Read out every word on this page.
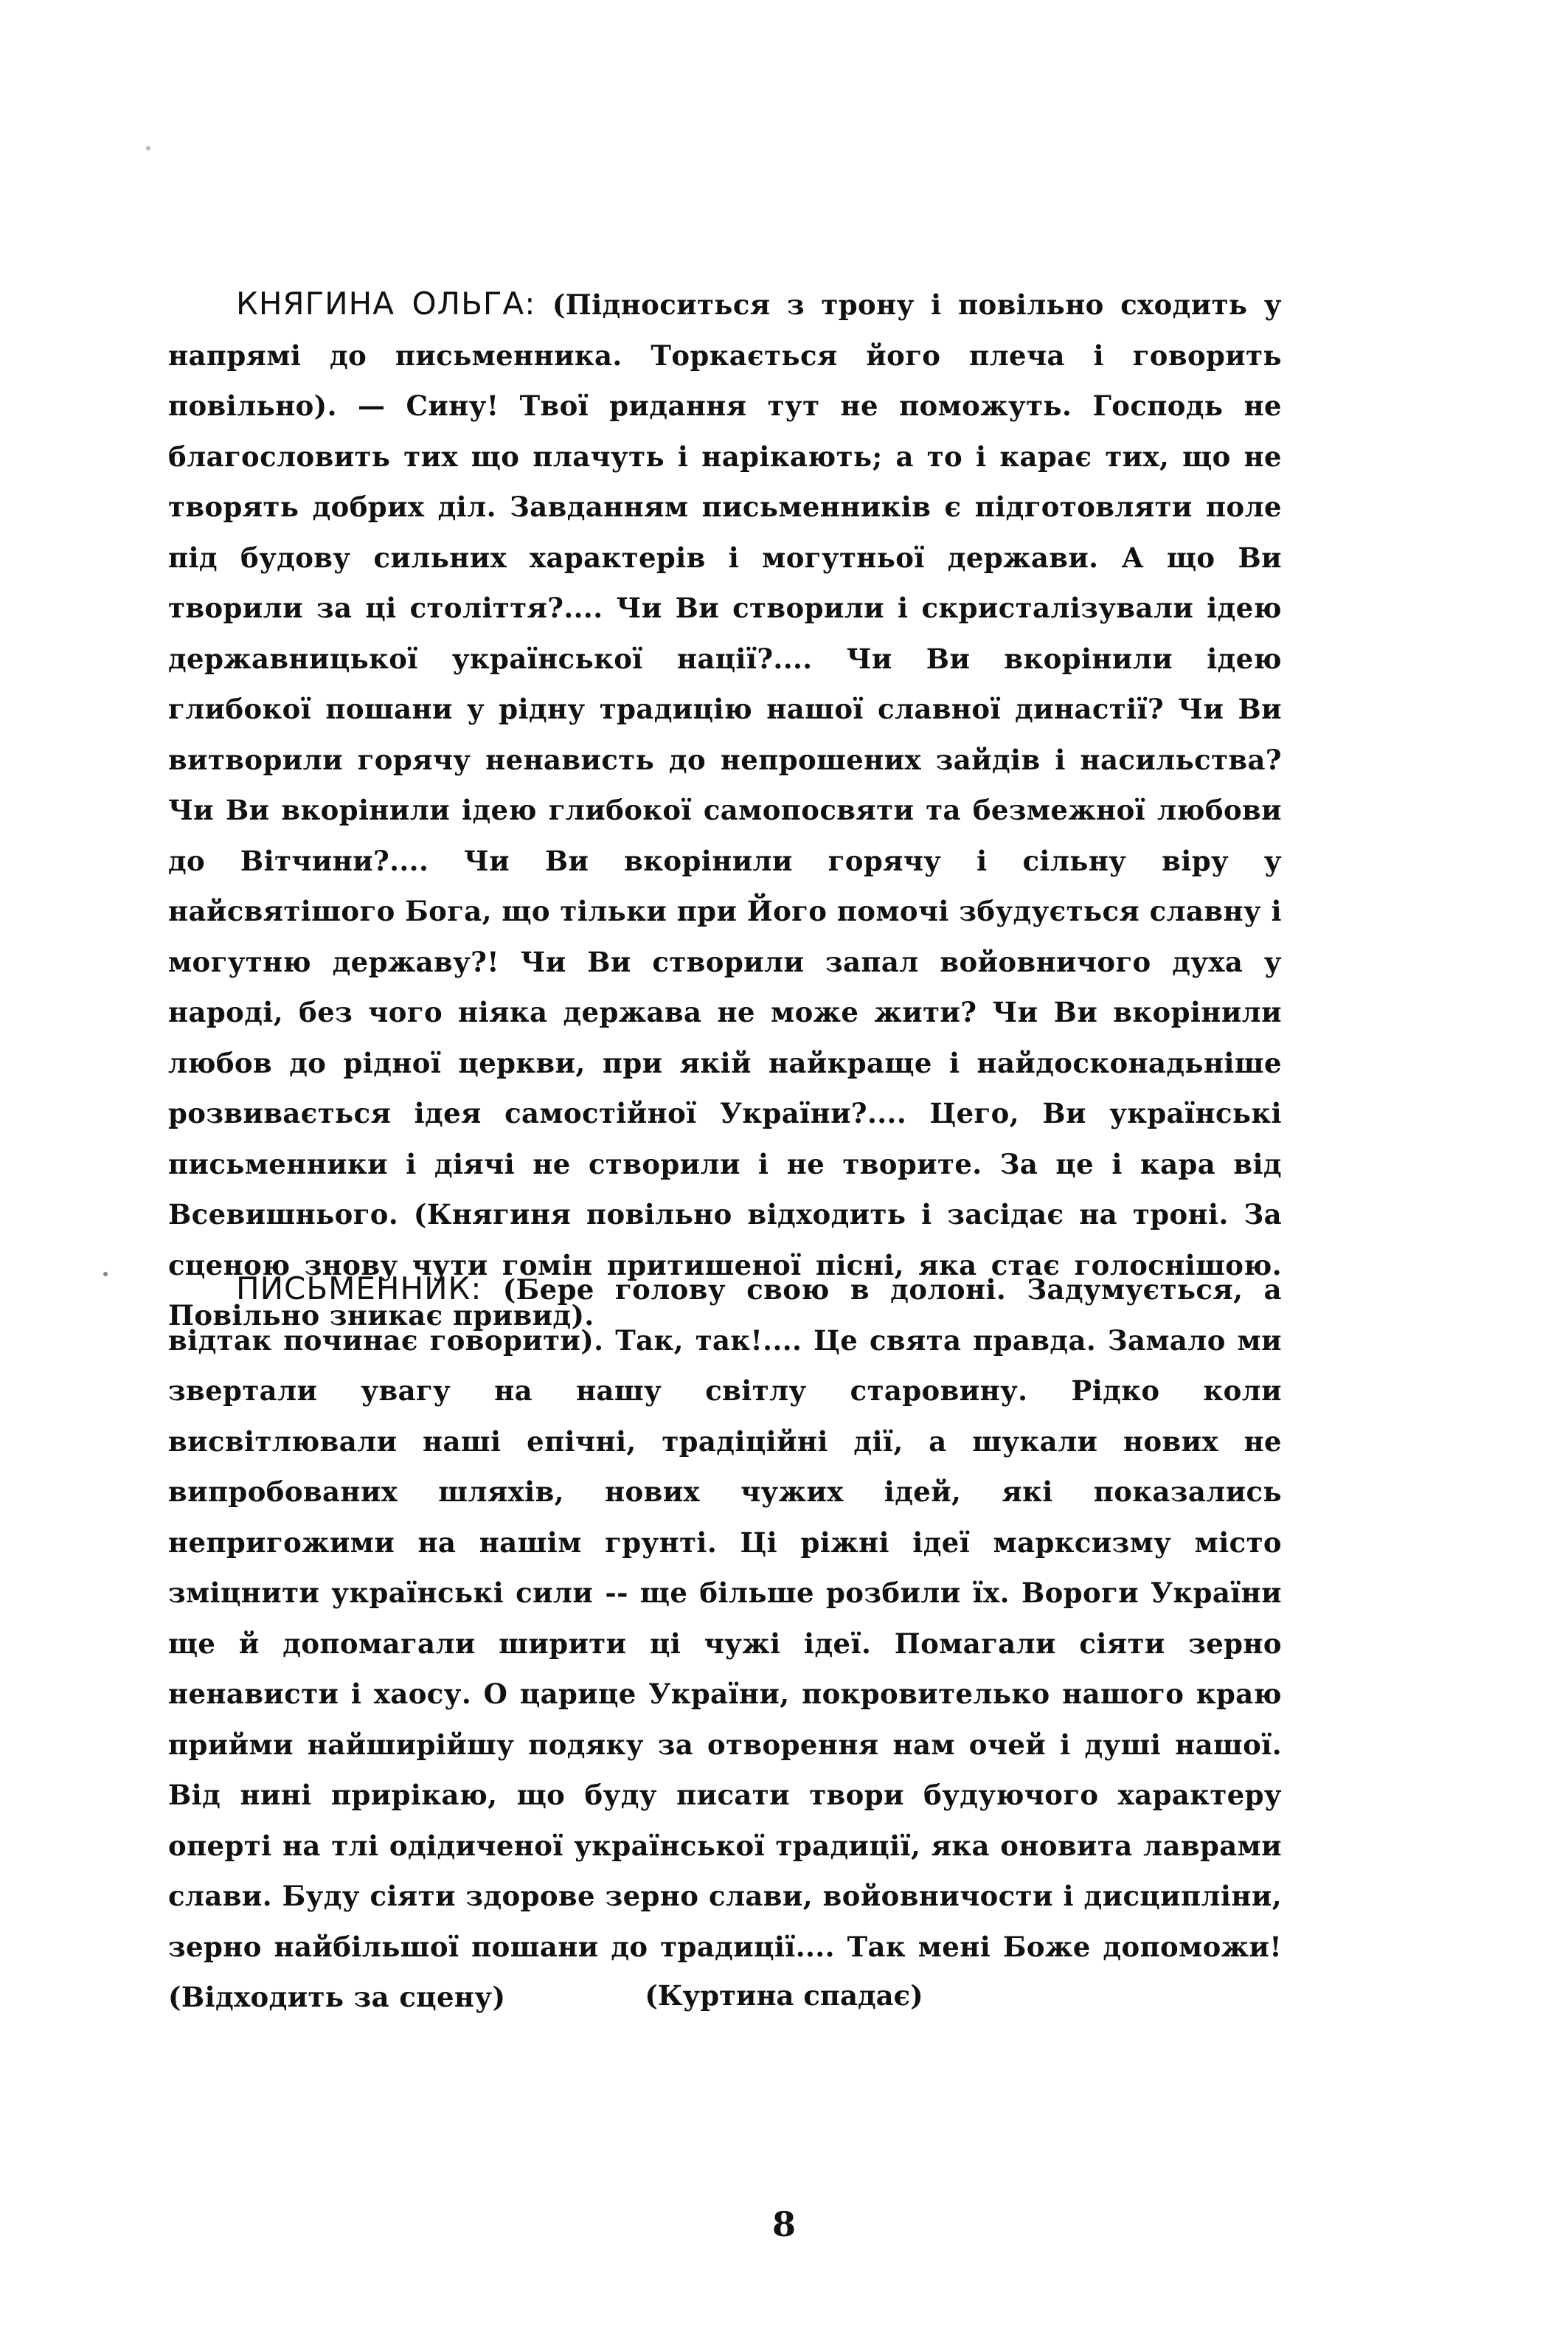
КНЯГИНА ОЛЬГА: (Підноситься з трону і повільно сходить у напрямі до письменника. Торкається його плеча і говорить повільно). — Сину! Твої ридання тут не поможуть. Господь не благословить тих що плачуть і нарікають; а то і карає тих, що не творять добрих діл. Завданням письменників є підготовляти поле під будову сильних характерів і могутньої держави. А що Ви творили за ці століття?.... Чи Ви створили і скристалізували ідею державницької української нації?.... Чи Ви вкорінили ідею глибокої пошани у рідну традицію нашої славної династії? Чи Ви витворили горячу ненависть до непрошених зайдів і насильства? Чи Ви вкорінили ідею глибокої самопосвяти та безмежної любови до Вітчини?.... Чи Ви вкорінили горячу і сільну віру у найсвятішого Бога, що тільки при Його помочі збудується славну і могутню державу?! Чи Ви створили запал войовничого духа у народі, без чого ніяка держава не може жити? Чи Ви вкорінили любов до рідної церкви, при якій найкраще і найдосконадьніше розвивається ідея самостійної України?.... Цего, Ви українські письменники і діячі не створили і не творите. За це і кара від Всевишнього. (Княгиня повільно відходить і засідає на троні. За сценою знову чути гомін притишеної пісні, яка стає голоснішою. Повільно зникає привид).

ПИСЬМЕННИК: (Бере голову свою в долоні. Задумується, а відтак починає говорити). Так, так!.... Це свята правда. Замало ми звертали увагу на нашу світлу старовину. Рідко коли висвітлювали наші епічні, традіційні дії, а шукали нових не випробованих шляхів, нових чужих ідей, які показались непригожими на нашім грунті. Ці ріжні ідеї марксизму місто зміцнити українські сили -- ще більше розбили їх. Вороги України ще й допомагали ширити ці чужі ідеї. Помагали сіяти зерно ненависти і хаосу. О царице України, покровителько нашого краю прийми найширійшу подяку за отворення нам очей і душі нашої. Від нині прирікаю, що буду писати твори будуючого характеру оперті на тлі одідиченої української традиції, яка оновита лаврами слави. Буду сіяти здорове зерно слави, войовничости і дисципліни, зерно найбільшої пошани до традиції.... Так мені Боже допоможи! (Відходить за сцену)	(Куртина спадає)
8
